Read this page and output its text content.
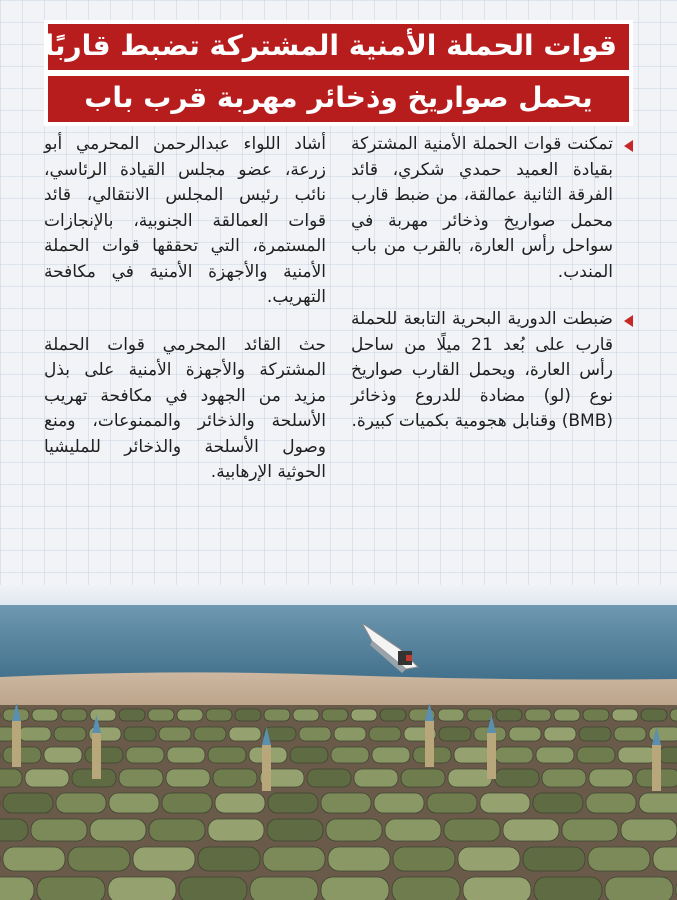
قوات الحملة الأمنية المشتركة تضبط قاربًا
يحمل صواريخ وذخائر مهربة قرب باب

تمكنت قوات الحملة الأمنية المشتركة بقيادة العميد حمدي شكري، قائد الفرقة الثانية عمالقة، من ضبط قارب محمل صواريخ وذخائر مهربة في سواحل رأس العارة، بالقرب من باب المندب.

ضبطت الدورية البحرية التابعة للحملة قارب على بُعد 21 ميلًا من ساحل رأس العارة، ويحمل القارب صواريخ نوع (لو) مضادة للدروع وذخائر (BMB) وقنابل هجومية بكميات كبيرة.

أشاد اللواء عبدالرحمن المحرمي أبو زرعة، عضو مجلس القيادة الرئاسي، نائب رئيس المجلس الانتقالي، قائد قوات العمالقة الجنوبية، بالإنجازات المستمرة، التي تحققها قوات الحملة الأمنية والأجهزة الأمنية في مكافحة التهريب.

حث القائد المحرمي قوات الحملة المشتركة والأجهزة الأمنية على بذل مزيد من الجهود في مكافحة تهريب الأسلحة والذخائر والممنوعات، ومنع وصول الأسلحة والذخائر للمليشيا الحوثية الإرهابية.
